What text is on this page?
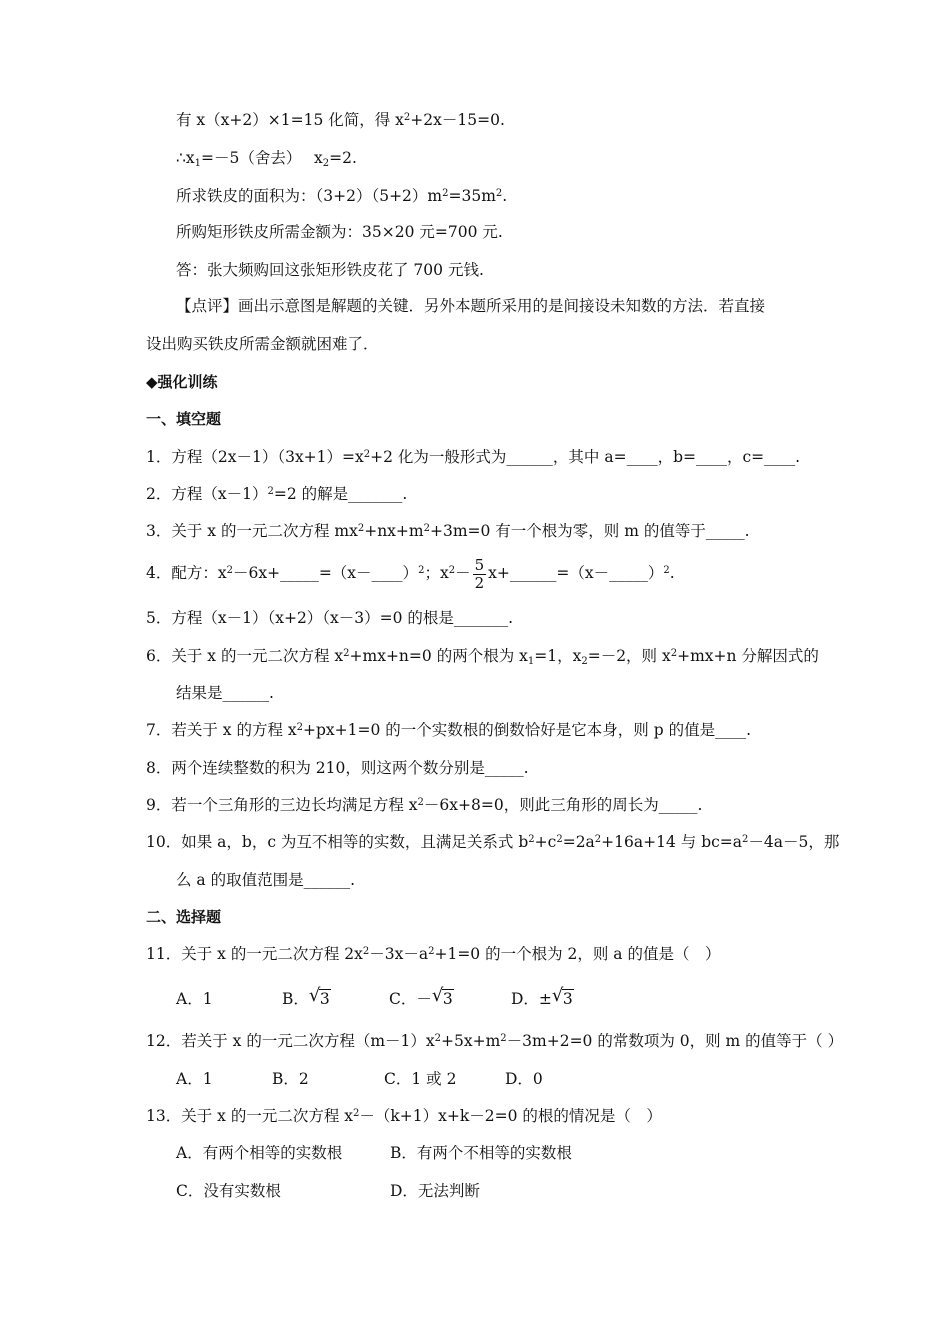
有 x（x+2）×1=15 化简，得 $x^2+2x-15=0$.
$\therefore x_1=-5$（舍去）　 $x_2=2$.
所求铁皮的面积为：$(3+2)(5+2)m^2=35m^2$.
所购矩形铁皮所需金额为：35×20 元=700 元.
答：张大频购回这张矩形铁皮花了 700 元钱.
【点评】画出示意图是解题的关键．另外本题所采用的是间接设未知数的方法．若直接
设出购买铁皮所需金额就困难了．
◆强化训练
一、填空题
1．方程$(2x-1)(3x+1)=x^2+2$ 化为一般形式为______，其中 a=____，b=____，c=____.
2．方程$(x-1)^2=2$ 的解是_______.
3．关于 x 的一元二次方程 $mx^2+nx+m^2+3m=0$ 有一个根为零，则 m 的值等于_____.
4．配方：$x^2-6x+\_\_\_\_\_=(x-\_\_\_\_)^2$；$x^2- \frac{5}{2}$ x+______=（x－_____）$^2$.
5．方程（x－1）（x+2）（x－3）=0 的根是_______.
6．关于 x 的一元二次方程 $x^2+mx+n=0$ 的两个根为 $x_1=1$，$x_2=-2$，则 $x^2+mx+n$ 分解因式的
结果是______.
7．若关于 x 的方程 $x^2+px+1=0$ 的一个实数根的倒数恰好是它本身，则 p 的值是____.
8．两个连续整数的积为 210，则这两个数分别是_____.
9．若一个三角形的三边长均满足方程 $x^2-6x+8=0$，则此三角形的周长为_____.
10．如果 a，b，c 为互不相等的实数，且满足关系式 $b^2+c^2=2a^2+16a+14$ 与 $bc=a^2-4a-5$，那
么 a 的取值范围是______.
二、选择题
11．关于 x 的一元二次方程 $2x^2-3x-a^2+1=0$ 的一个根为 2，则 a 的值是（　）
A．1	B． √ 3	C．－ √ 3	D．± √ 3
12．若关于 x 的一元二次方程$(m-1)x^2+5x+m^2-3m+2=0$ 的常数项为 0，则 m 的值等于（ ）
A．1	B．2	C．1 或 2	D．0
13．关于 x 的一元二次方程 $x^2-(k+1)x+k-2=0$ 的根的情况是（　）
A．有两个相等的实数根	B．有两个不相等的实数根
C．没有实数根	D．无法判断
